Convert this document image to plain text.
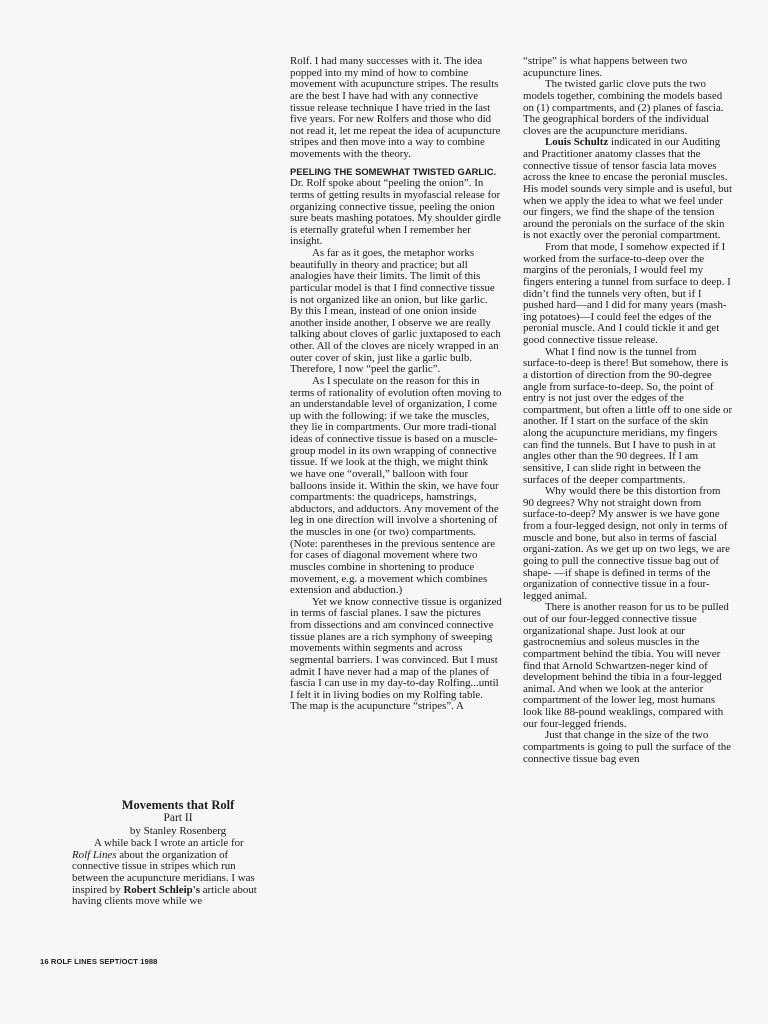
Movements that Rolf

Part II

by Stanley Rosenberg

A while back I wrote an article for Rolf Lines about the organization of connective tissue in stripes which run between the acupuncture meridians. I was inspired by Robert Schleip's article about having clients move while we

Rolf. I had many successes with it. The idea popped into my mind of how to combine movement with acupuncture stripes. The results are the best I have had with any connective tissue release technique I have tried in the last five years. For new Rolfers and those who did not read it, let me repeat the idea of acupuncture stripes and then move into a way to combine movements with the theory.

PEELING THE SOMEWHAT TWISTED GARLIC. Dr. Rolf spoke about “peeling the onion”. In terms of getting results in myofascial release for organizing connective tissue, peeling the onion sure beats mashing potatoes. My shoulder girdle is eternally grateful when I remember her insight.

As far as it goes, the metaphor works beautifully in theory and practice; but all analogies have their limits. The limit of this particular model is that I find connective tissue is not organized like an onion, but like garlic. By this I mean, instead of one onion inside another inside another, I observe we are really talking about cloves of garlic juxtaposed to each other. All of the cloves are nicely wrapped in an outer cover of skin, just like a garlic bulb. Therefore, I now “peel the garlic”.

As I speculate on the reason for this in terms of rationality of evolution often moving to an understandable level of organization, I come up with the following: if we take the muscles, they lie in compartments. Our more tradi-tional ideas of connective tissue is based on a muscle-group model in its own wrapping of connective tissue. If we look at the thigh, we might think we have one “overall,” balloon with four balloons inside it. Within the skin, we have four compartments: the quadriceps, hamstrings, abductors, and adductors. Any movement of the leg in one direction will involve a shortening of the muscles in one (or two) compartments. (Note: parentheses in the previous sentence are for cases of diagonal movement where two muscles combine in shortening to produce movement, e.g. a movement which combines extension and abduction.)

Yet we know connective tissue is organized in terms of fascial planes. I saw the pictures from dissections and am convinced connective tissue planes are a rich symphony of sweeping movements within segments and across segmental barriers. I was convinced. But I must admit I have never had a map of the planes of fascia I can use in my day-to-day Rolfing...until I felt it in living bodies on my Rolfing table. The map is the acupuncture “stripes”. A

“stripe” is what happens between two acupuncture lines.

The twisted garlic clove puts the two models together, combining the models based on (1) compartments, and (2) planes of fascia. The geographical borders of the individual cloves are the acupuncture meridians.

Louis Schultz indicated in our Auditing and Practitioner anatomy classes that the connective tissue of tensor fascia lata moves across the knee to encase the peronial muscles. His model sounds very simple and is useful, but when we apply the idea to what we feel under our fingers, we find the shape of the tension around the peronials on the surface of the skin is not exactly over the peronial compartment.

From that mode, I somehow expected if I worked from the surface-to-deep over the margins of the peronials, I would feel my fingers entering a tunnel from surface to deep. I didn’t find the tunnels very often, but if I pushed hard—and I did for many years (mash-ing potatoes)—I could feel the edges of the peronial muscle. And I could tickle it and get good connective tissue release.

What I find now is the tunnel from surface-to-deep is there! But somehow, there is a distortion of direction from the 90-degree angle from surface-to-deep. So, the point of entry is not just over the edges of the compartment, but often a little off to one side or another. If I start on the surface of the skin along the acupuncture meridians, my fingers can find the tunnels. But I have to push in at angles other than the 90 degrees. If I am sensitive, I can slide right in between the surfaces of the deeper compartments.

Why would there be this distortion from 90 degrees? Why not straight down from surface-to-deep? My answer is we have gone from a four-legged design, not only in terms of muscle and bone, but also in terms of fascial organi-zation. As we get up on two legs, we are going to pull the connective tissue bag out of shape- —if shape is defined in terms of the organization of connective tissue in a four-legged animal.

There is another reason for us to be pulled out of our four-legged connective tissue organizational shape. Just look at our gastrocnemius and soleus muscles in the compartment behind the tibia. You will never find that Arnold Schwartzen-neger kind of development behind the tibia in a four-legged animal. And when we look at the anterior compartment of the lower leg, most humans look like 88-pound weaklings, compared with our four-legged friends.

Just that change in the size of the two compartments is going to pull the surface of the connective tissue bag even

16 ROLF LINES SEPT/OCT 1988
